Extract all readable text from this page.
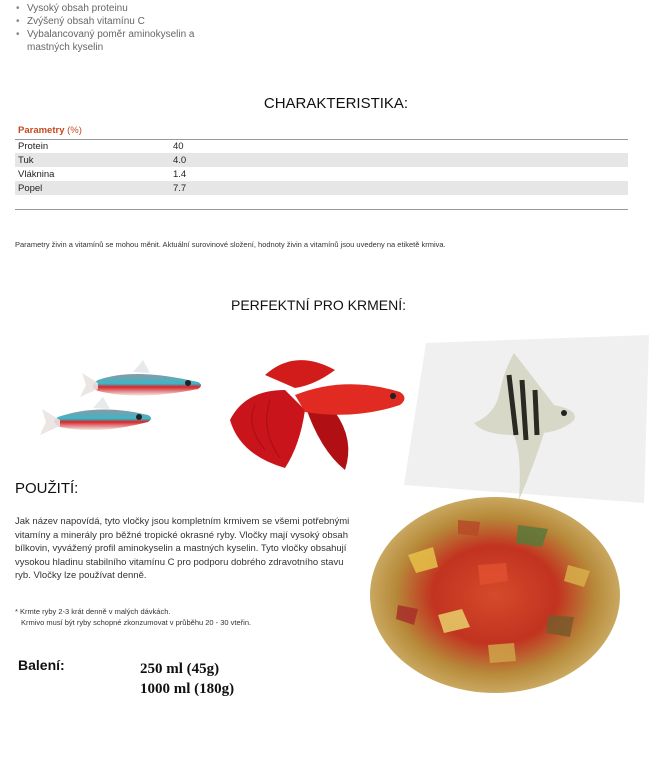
• Vysoký obsah proteinu
• Zvýšený obsah vitamínu C
• Vybalancovaný poměr aminokyselin a mastných kyselin
CHARAKTERISTIKA:
Parametry (%)
Protein	40
Tuk	4.0
Vláknina	1.4
Popel	7.7
Parametry živin a vitamínů se mohou měnit. Aktuální surovinové složení, hodnoty živin a vitamínů jsou uvedeny na etiketě krmiva.
PERFEKTNÍ PRO KRMENÍ:
POUŽITÍ:
Jak název napovídá, tyto vločky jsou kompletním krmivem se všemi potřebnými vitamíny a minerály pro běžné tropické okrasné ryby. Vločky mají vysoký obsah bílkovin, vyvážený profil aminokyselin a mastných kyselin. Tyto vločky obsahují vysokou hladinu stabilního vitamínu C pro podporu dobrého zdravotního stavu ryb. Vločky lze používat denně.
* Krmte ryby 2-3 krát denně v malých dávkách.
Krmivo musí být ryby schopné zkonzumovat v průběhu 20 - 30 vteřin.
Balení:	250 ml (45g)
1000 ml (180g)
